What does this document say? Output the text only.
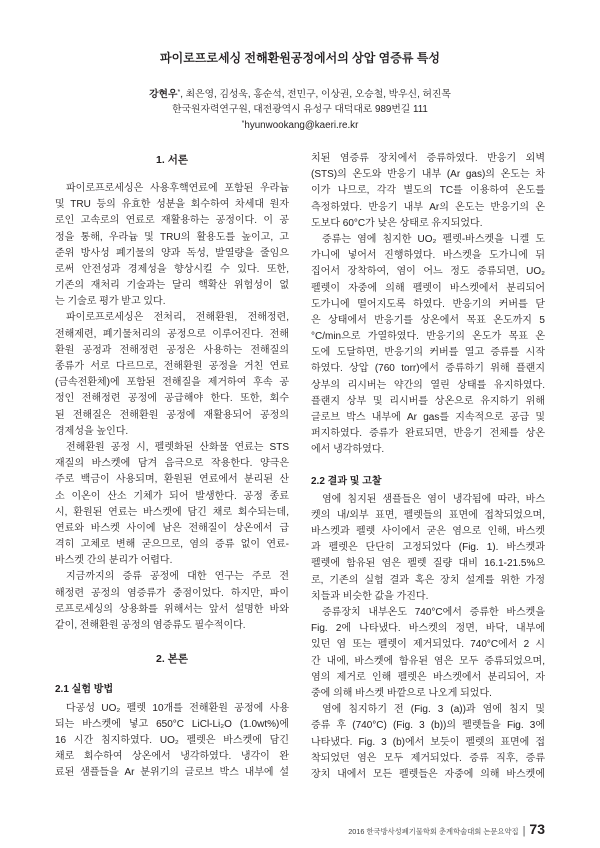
파이로프로세싱 전해환원공정에서의 상압 염증류 특성
강현우*, 최은영, 김성욱, 홍순석, 전민구, 이상권, 오승철, 박우신, 허진목
한국원자력연구원, 대전광역시 유성구 대덕대로 989번길 111
*hyunwookang@kaeri.re.kr
1. 서론
파이로프로세싱은 사용후핵연료에 포함된 우라늄
및 TRU 등의 유효한 성분을 회수하여 차세대 원자
로인 고속로의 연료로 재활용하는 공정이다. 이 공
정을 통해, 우라늄 및 TRU의 활용도를 높이고, 고
준위 방사성 폐기물의 양과 독성, 발열량을 줄임으
로써 안전성과 경제성을 향상시킬 수 있다. 또한,
기존의 재처리 기술과는 달리 핵확산 위험성이 없
는 기술로 평가 받고 있다.
파이로프로세싱은 전처리, 전해환원, 전해정련,
전해제련, 폐기물처리의 공정으로 이루어진다. 전해
환원 공정과 전해정련 공정은 사용하는 전해질의
종류가 서로 다르므로, 전해환원 공정을 거친 연료
(금속전환체)에 포함된 전해질을 제거하여 후속 공
정인 전해정련 공정에 공급해야 한다. 또한, 회수
된 전해질은 전해환원 공정에 재활용되어 공정의
경제성을 높인다.
전해환원 공정 시, 펠렛화된 산화물 연료는 STS
재질의 바스켓에 담겨 음극으로 작용한다. 양극은
주로 백금이 사용되며, 환원된 연료에서 분리된 산
소 이온이 산소 기체가 되어 발생한다. 공정 종료
시, 환원된 연료는 바스켓에 담긴 채로 회수되는데,
연료와 바스켓 사이에 남은 전해질이 상온에서 급
격히 고체로 변해 굳으므로, 염의 증류 없이 연료-
바스켓 간의 분리가 어렵다.
지금까지의 증류 공정에 대한 연구는 주로 전
해정련 공정의 염증류가 중점이었다. 하지만, 파이
로프로세싱의 상용화를 위해서는 앞서 설명한 바와
같이, 전해환원 공정의 염증류도 필수적이다.
2. 본론
2.1 실험 방법
다공성 UO₂ 펠렛 10개를 전해환원 공정에 사용
되는 바스켓에 넣고 650°C LiCl-Li₂O (1.0wt%)에
16 시간 침지하였다. UO₂ 펠렛은 바스켓에 담긴
채로 회수하여 상온에서 냉각하였다. 냉각이 완
료된 샘플들을 Ar 분위기의 글로브 박스 내부에 설
치된 염증류 장치에서 증류하였다. 반응기 외벽
(STS)의 온도와 반응기 내부 (Ar gas)의 온도는 차
이가 나므로, 각각 별도의 TC를 이용하여 온도를
측정하였다. 반응기 내부 Ar의 온도는 반응기의 온
도보다 60°C가 낮은 상태로 유지되었다.
증류는 염에 침지한 UO₂ 펠렛-바스켓을 니켈 도
가니에 넣어서 진행하였다. 바스켓을 도가니에 뒤
집어서 장착하여, 염이 어느 정도 증류되면, UO₂
펠렛이 자중에 의해 펠렛이 바스켓에서 분리되어
도가니에 떨어지도록 하였다. 반응기의 커버를 닫
은 상태에서 반응기를 상온에서 목표 온도까지 5
°C/min으로 가열하였다. 반응기의 온도가 목표 온
도에 도달하면, 반응기의 커버를 열고 증류를 시작
하였다. 상압 (760 torr)에서 증류하기 위해 플랜지
상부의 리시버는 약간의 열린 상태를 유지하였다.
플랜지 상부 및 리시버를 상온으로 유지하기 위해
글로브 박스 내부에 Ar gas를 지속적으로 공급 및
퍼지하였다. 증류가 완료되면, 반응기 전체를 상온
에서 냉각하였다.
2.2 결과 및 고찰
염에 침지된 샘플들은 염이 냉각됨에 따라, 바스
켓의 내/외부 표면, 펠렛들의 표면에 접착되었으며,
바스켓과 펠렛 사이에서 굳은 염으로 인해, 바스켓
과 펠렛은 단단히 고정되었다 (Fig. 1). 바스켓과
펠렛에 함유된 염은 펠렛 질량 대비 16.1-21.5%으
로, 기존의 실험 결과 혹은 장치 설계를 위한 가정
치들과 비슷한 값을 가진다.
증류장치 내부온도 740°C에서 증류한 바스켓을
Fig. 2에 나타냈다. 바스켓의 정면, 바닥, 내부에
있던 염 또는 펠렛이 제거되었다. 740°C에서 2 시
간 내에, 바스켓에 함유된 염은 모두 증류되었으며,
염의 제거로 인해 펠렛은 바스켓에서 분리되어, 자
중에 의해 바스켓 바깥으로 나오게 되었다.
염에 침지하기 전 (Fig. 3 (a))과 염에 침지 및
증류 후 (740°C) (Fig. 3 (b))의 펠렛들을 Fig. 3에
나타냈다. Fig. 3 (b)에서 보듯이 펠렛의 표면에 접
착되었던 염은 모두 제거되었다. 증류 직후, 증류
장치 내에서 모든 펠렛들은 자중에 의해 바스켓에
2016 한국방사성폐기물학회 춘계학술대회 논문요약집 | 73
